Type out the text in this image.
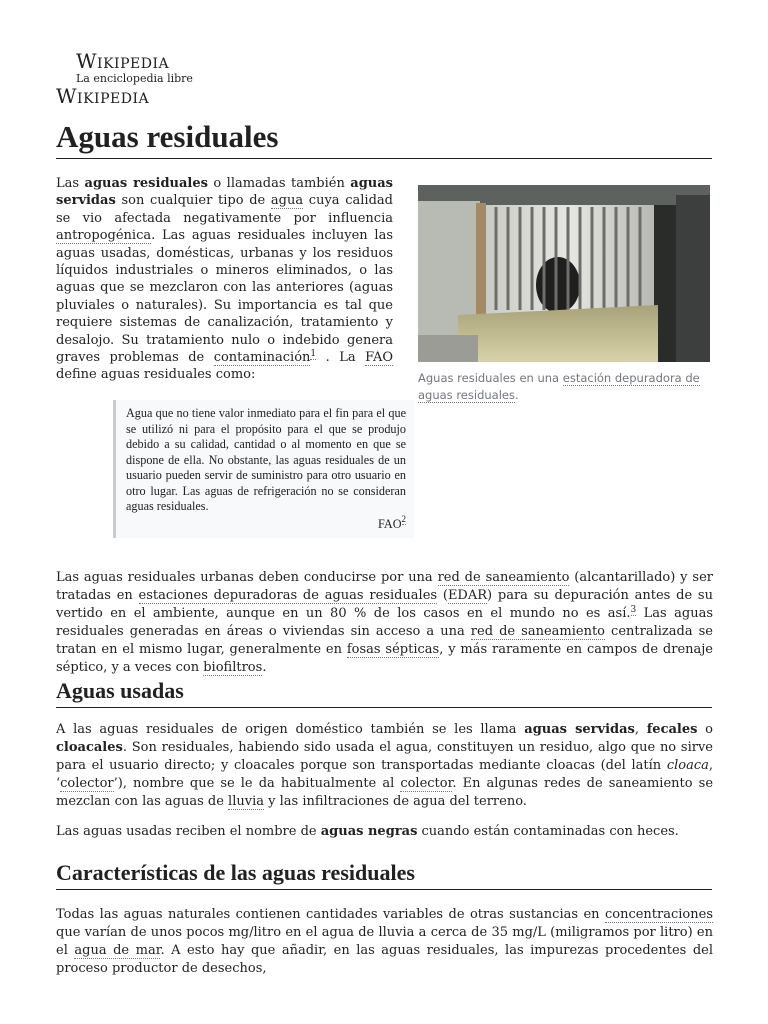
Wikipedia
La enciclopedia libre
Wikipedia
Aguas residuales

Las aguas residuales o llamadas también aguas servidas son cualquier tipo de agua cuya calidad se vio afectada negativamente por influencia antropogénica. Las aguas residuales incluyen las aguas usadas, domésticas, urbanas y los residuos líquidos industriales o mineros eliminados, o las aguas que se mezclaron con las anteriores (aguas pluviales o naturales). Su importancia es tal que requiere sistemas de canalización, tratamiento y desalojo. Su tratamiento nulo o indebido genera graves problemas de contaminación$^1$ . La FAO define aguas residuales como:	Aguas residuales en una estación depuradora de aguas residuales.
Agua que no tiene valor inmediato para el fin para el que se utilizó ni para el propósito para el que se produjo debido a su calidad, cantidad o al momento en que se dispone de ella. No obstante, las aguas residuales de un usuario pueden servir de suministro para otro usuario en otro lugar. Las aguas de refrigeración no se consideran aguas residuales.
FAO$^2$

Las aguas residuales urbanas deben conducirse por una red de saneamiento (alcantarillado) y ser tratadas en estaciones depuradoras de aguas residuales (EDAR) para su depuración antes de su vertido en el ambiente, aunque en un 80 % de los casos en el mundo no es así.$^3$ Las aguas residuales generadas en áreas o viviendas sin acceso a una red de saneamiento centralizada se tratan en el mismo lugar, generalmente en fosas sépticas, y más raramente en campos de drenaje séptico, y a veces con biofiltros.

Aguas usadas

A las aguas residuales de origen doméstico también se les llama aguas servidas, fecales o cloacales. Son residuales, habiendo sido usada el agua, constituyen un residuo, algo que no sirve para el usuario directo; y cloacales porque son transportadas mediante cloacas (del latín cloaca, ‘colector’), nombre que se le da habitualmente al colector. En algunas redes de saneamiento se mezclan con las aguas de lluvia y las infiltraciones de agua del terreno.

Las aguas usadas reciben el nombre de aguas negras cuando están contaminadas con heces.

Características de las aguas residuales

Todas las aguas naturales contienen cantidades variables de otras sustancias en concentraciones que varían de unos pocos mg/litro en el agua de lluvia a cerca de 35 mg/L (miligramos por litro) en el agua de mar. A esto hay que añadir, en las aguas residuales, las impurezas procedentes del proceso productor de desechos,
